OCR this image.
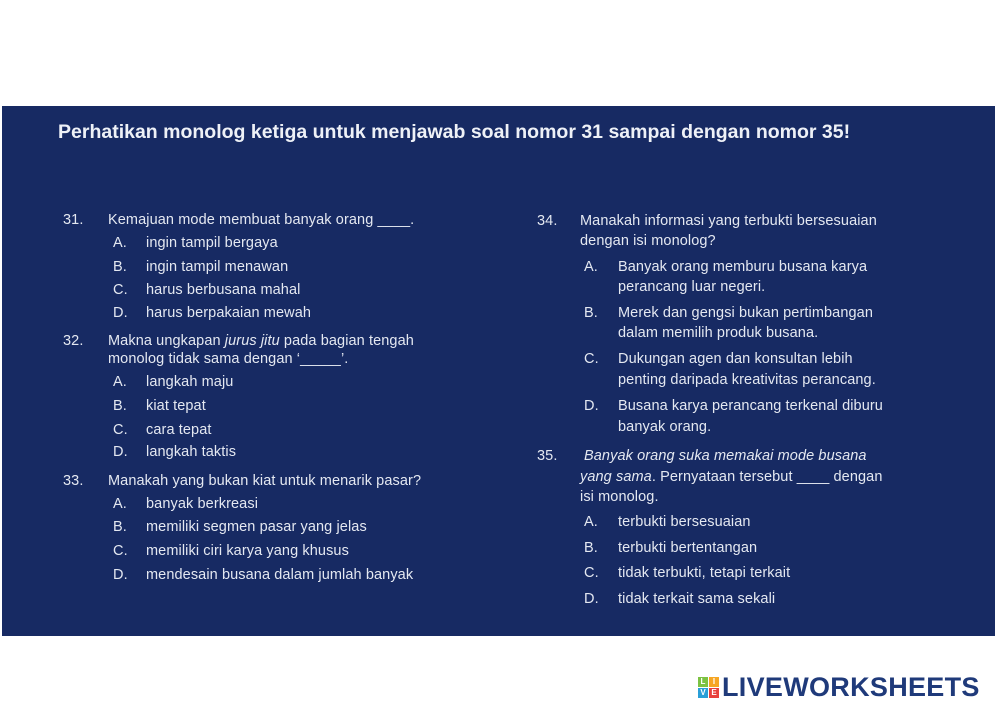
Perhatikan monolog ketiga untuk menjawab soal nomor 31 sampai dengan nomor 35!
31. Kemajuan mode membuat banyak orang ____.
A. ingin tampil bergaya
B. ingin tampil menawan
C. harus berbusana mahal
D. harus berpakaian mewah
32. Makna ungkapan jurus jitu pada bagian tengah
monolog tidak sama dengan ‘_____’.
A. langkah maju
B. kiat tepat
C. cara tepat
D. langkah taktis
33. Manakah yang bukan kiat untuk menarik pasar?
A. banyak berkreasi
B. memiliki segmen pasar yang jelas
C. memiliki ciri karya yang khusus
D. mendesain busana dalam jumlah banyak
34. Manakah informasi yang terbukti bersesuaian
dengan isi monolog?
A. Banyak orang memburu busana karya
perancang luar negeri.
B. Merek dan gengsi bukan pertimbangan
dalam memilih produk busana.
C. Dukungan agen dan konsultan lebih
penting daripada kreativitas perancang.
D. Busana karya perancang terkenal diburu
banyak orang.
35. Banyak orang suka memakai mode busana
yang sama. Pernyataan tersebut ____ dengan
isi monolog.
A. terbukti bersesuaian
B. terbukti bertentangan
C. tidak terbukti, tetapi terkait
D. tidak terkait sama sekali
L I
V E LIVEWORKSHEETS
